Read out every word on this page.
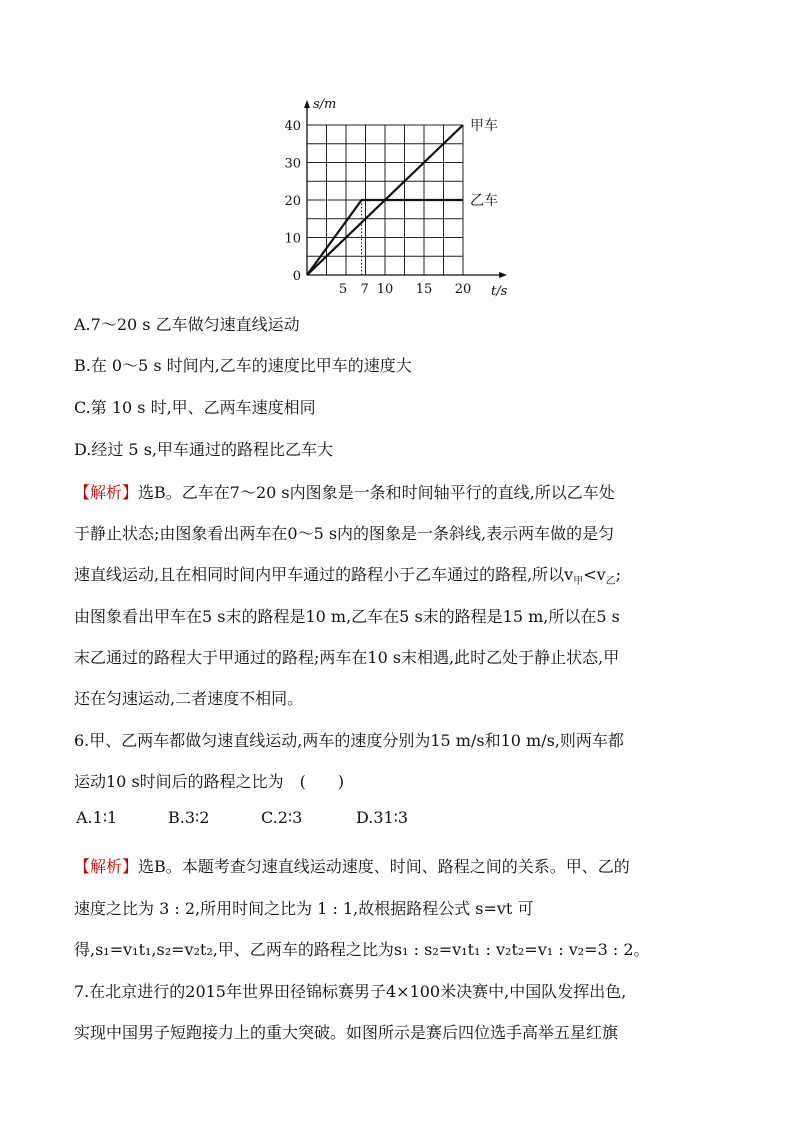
甲车
乙车
0
10
20
30
40
5 7 10 15 20
s/m
t/s
A.7～20 s 乙车做匀速直线运动
B.在 0～5 s 时间内,乙车的速度比甲车的速度大
C.第 10 s 时,甲、乙两车速度相同
D.经过 5 s,甲车通过的路程比乙车大
【解析】选B。乙车在7～20 s内图象是一条和时间轴平行的直线,所以乙车处
于静止状态;由图象看出两车在0～5 s内的图象是一条斜线,表示两车做的是匀
速直线运动,且在相同时间内甲车通过的路程小于乙车通过的路程,所以$v_甲<v_乙$;
由图象看出甲车在5 s末的路程是10 m,乙车在5 s末的路程是15 m,所以在5 s
末乙通过的路程大于甲通过的路程;两车在10 s末相遇,此时乙处于静止状态,甲
还在匀速运动,二者速度不相同。
6.甲、乙两车都做匀速直线运动,两车的速度分别为15 m/s和10 m/s,则两车都
运动10 s时间后的路程之比为　(　　)
A.1∶1	B.3∶2	C.2∶3	D.31∶3
【解析】选B。本题考查匀速直线运动速度、时间、路程之间的关系。甲、乙的
速度之比为 3 : 2,所用时间之比为 1 : 1,故根据路程公式 s=vt 可
得,s₁=v₁t₁,s₂=v₂t₂,甲、乙两车的路程之比为s₁ : s₂=v₁t₁ : v₂t₂=v₁ : v₂=3 : 2。
7.在北京进行的2015年世界田径锦标赛男子4×100米决赛中,中国队发挥出色,
实现中国男子短跑接力上的重大突破。如图所示是赛后四位选手高举五星红旗
